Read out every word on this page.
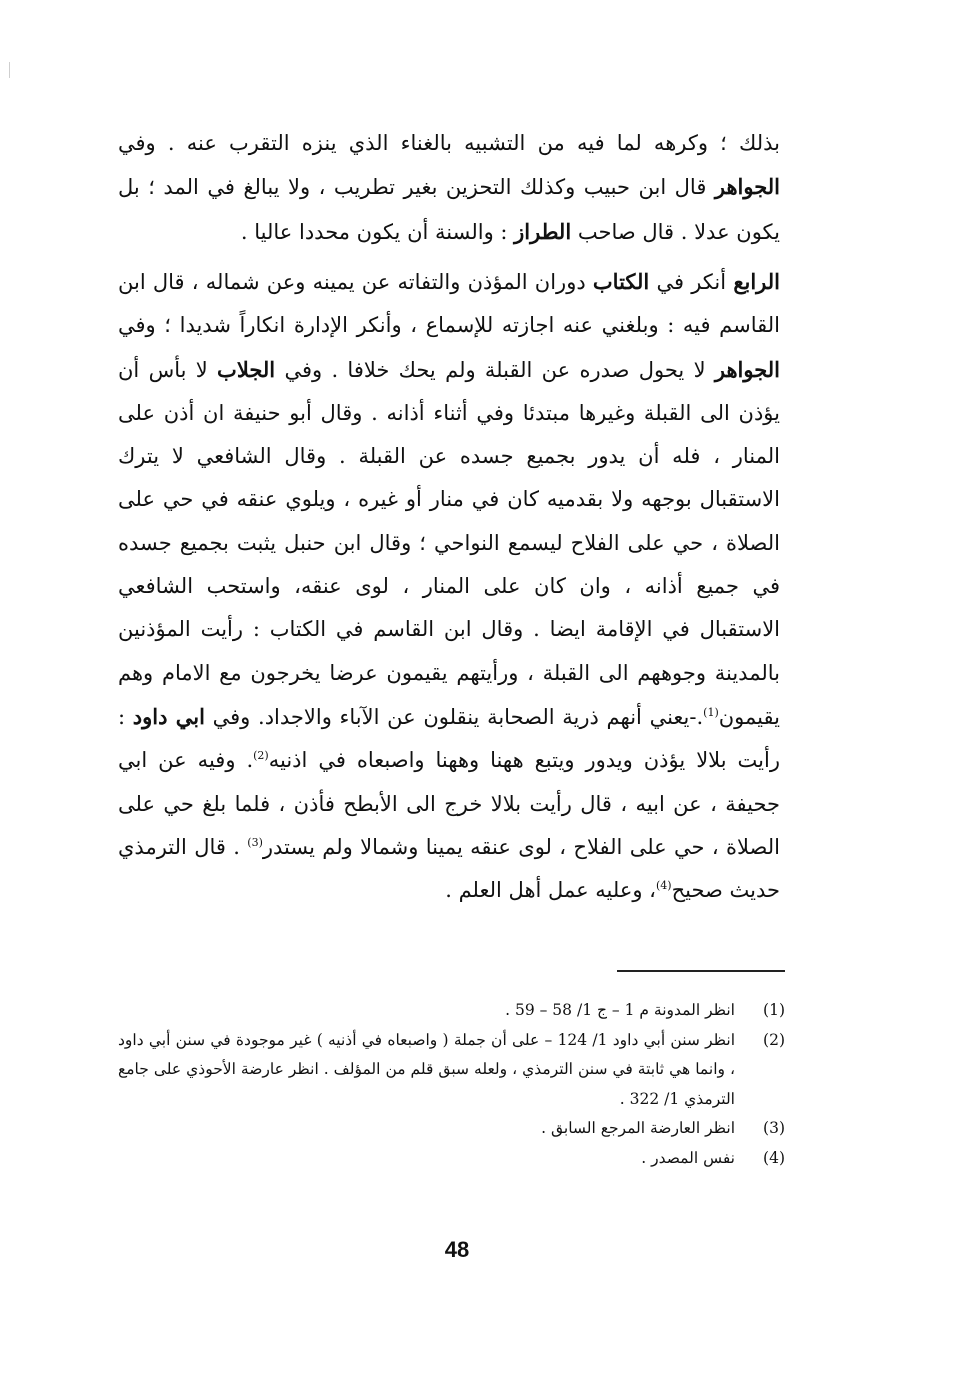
بذلك ؛ وكرهه لما فيه من التشبيه بالغناء الذي ينزه التقرب عنه . وفي الجواهر قال ابن حبيب وكذلك التحزين بغير تطريب ، ولا يبالغ في المد ؛ بل يكون عدلا . قال صاحب الطراز : والسنة أن يكون محددا عاليا .

الرابع أنكر في الكتاب دوران المؤذن والتفاته عن يمينه وعن شماله ، قال ابن القاسم فيه : وبلغني عنه اجازته للإسماع ، وأنكر الإدارة انكاراً شديدا ؛ وفي الجواهر لا يحول صدره عن القبلة ولم يحك خلافا . وفي الجلاب لا بأس أن يؤذن الى القبلة وغيرها مبتدئا وفي أثناء أذانه . وقال أبو حنيفة ان أذن على المنار ، فله أن يدور بجميع جسده عن القبلة . وقال الشافعي لا يترك الاستقبال بوجهه ولا بقدميه كان في منار أو غيره ، ويلوي عنقه في حي على الصلاة ، حي على الفلاح ليسمع النواحي ؛ وقال ابن حنبل يثبت بجميع جسده في جميع أذانه ، وان كان على المنار ، لوى عنقه، واستحب الشافعي الاستقبال في الإقامة ايضا . وقال ابن القاسم في الكتاب : رأيت المؤذنين بالمدينة وجوههم الى القبلة ، ورأيتهم يقيمون عرضا يخرجون مع الامام وهم يقيمون$^{(1)}$.-يعني أنهم ذرية الصحابة ينقلون عن الآباء والاجداد. وفي ابي داود : رأيت بلالا يؤذن ويدور ويتبع ههنا وههنا واصبعاه في اذنيه$^{(2)}$. وفيه عن ابي جحيفة ، عن ابيه ، قال رأيت بلالا خرج الى الأبطح فأذن ، فلما بلغ حي على الصلاة ، حي على الفلاح ، لوى عنقه يمينا وشمالا ولم يستدر$^{(3)}$ . قال الترمذي حديث صحيح$^{(4)}$، وعليه عمل أهل العلم .

(1)
انظر المدونة م 1 – ج 1/ 58 – 59 .
(2)
انظر سنن أبي داود 1/ 124 – على أن جملة ( واصبعاه في أذنيه ) غير موجودة في سنن أبي داود ، وانما هي ثابتة في سنن الترمذي ، ولعله سبق قلم من المؤلف . انظر عارضة الأحوذي على جامع الترمذي 1/ 322 .
(3)
انظر العارضة المرجع السابق .
(4)
نفس المصدر .
48
